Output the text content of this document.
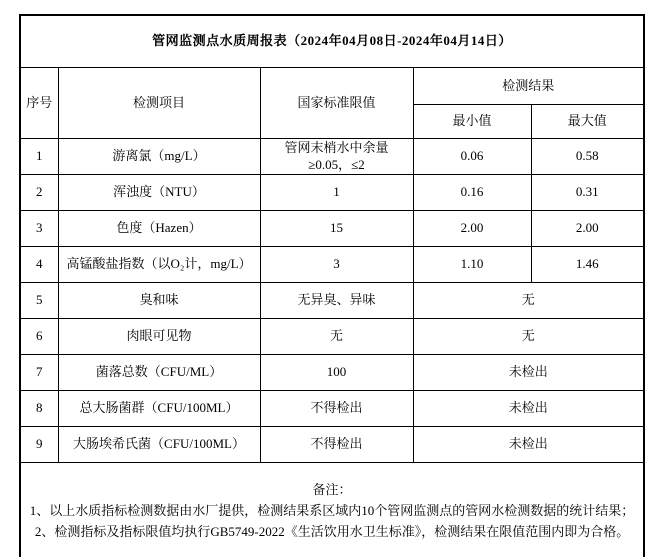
管网监测点水质周报表（2024年04月08日-2024年04月14日）				
序号	检测项目	国家标准限值	检测结果	
			最小值	最大值
1	游离氯（mg/L）	管网末梢水中余量≥0.05，≤2	0.06	0.58
2	浑浊度（NTU）	1	0.16	0.31
3	色度（Hazen）	15	2.00	2.00
4	高锰酸盐指数（以O₂计，mg/L）	3	1.10	1.46
5	臭和味	无异臭、异味	无	
6	肉眼可见物	无	无	
7	菌落总数（CFU/ML）	100	未检出	
8	总大肠菌群（CFU/100ML）	不得检出	未检出	
9	大肠埃希氏菌（CFU/100ML）	不得检出	未检出	

备注：
1、以上水质指标检测数据由水厂提供，检测结果系区域内10个管网监测点的管网水检测数据的统计结果；
2、检测指标及指标限值均执行GB5749-2022《生活饮用水卫生标准》，检测结果在限值范围内即为合格。				
